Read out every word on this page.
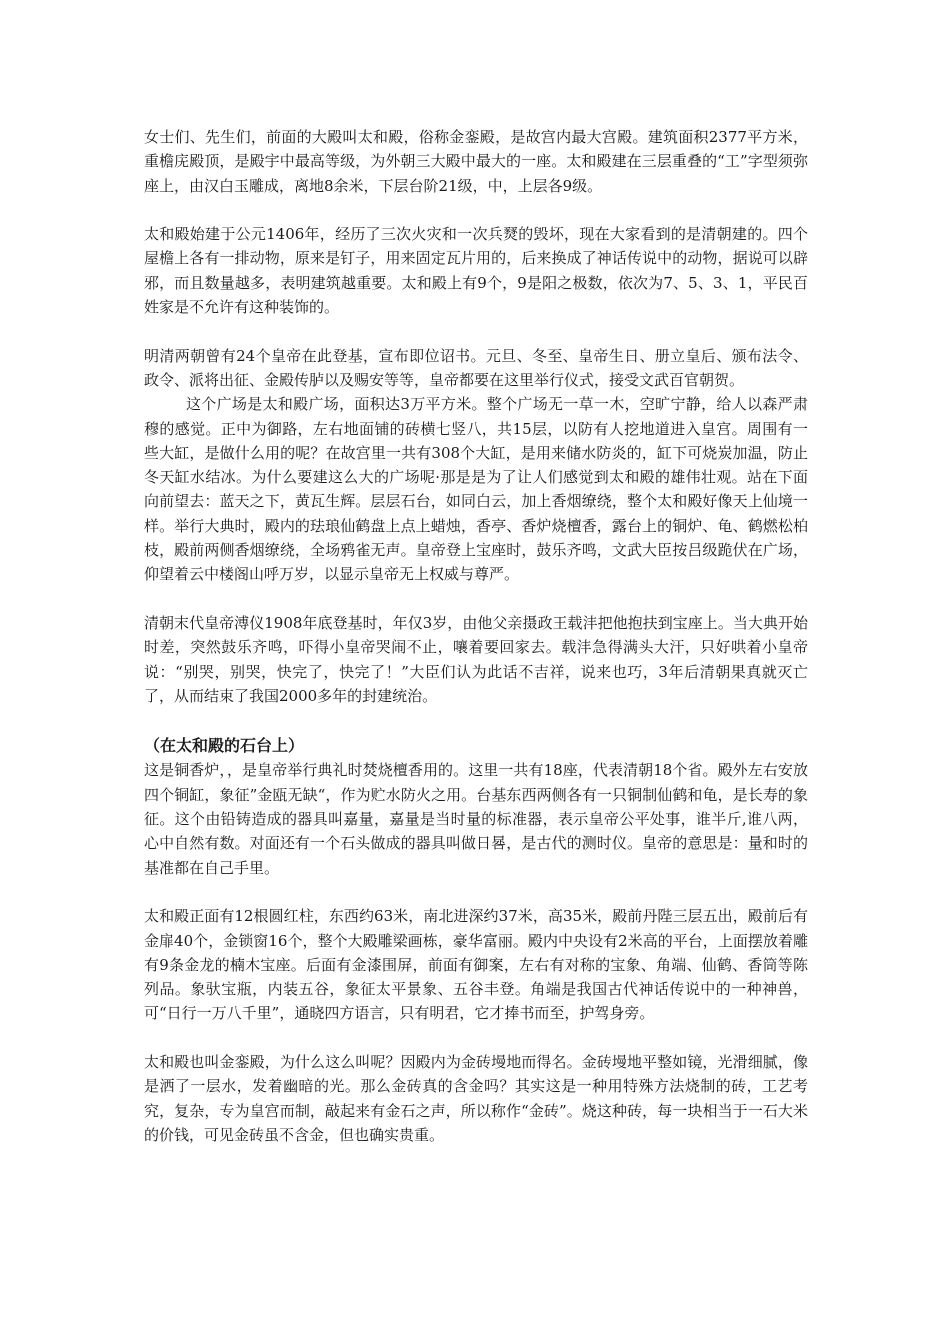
女士们、先生们，前面的大殿叫太和殿，俗称金銮殿，是故宫内最大宫殿。建筑面积2377平方米，重檐庑殿顶，是殿宇中最高等级，为外朝三大殿中最大的一座。太和殿建在三层重叠的“工”字型须弥座上，由汉白玉雕成，离地8余米，下层台阶21级，中，上层各9级。

太和殿始建于公元1406年，经历了三次火灾和一次兵燹的毁坏，现在大家看到的是清朝建的。四个屋檐上各有一排动物，原来是钉子，用来固定瓦片用的，后来换成了神话传说中的动物，据说可以辟邪，而且数量越多，表明建筑越重要。太和殿上有9个，9是阳之极数，依次为7、5、3、1，平民百姓家是不允许有这种装饰的。

明清两朝曾有24个皇帝在此登基，宣布即位诏书。元旦、冬至、皇帝生日、册立皇后、颁布法令、政令、派将出征、金殿传胪以及赐安等等，皇帝都要在这里举行仪式，接受文武百官朝贺。

这个广场是太和殿广场，面积达3万平方米。整个广场无一草一木，空旷宁静，给人以森严肃穆的感觉。正中为御路，左右地面铺的砖横七竖八，共15层，以防有人挖地道进入皇宫。周围有一些大缸，是做什么用的呢？在故宫里一共有308个大缸，是用来储水防炎的，缸下可烧炭加温，防止冬天缸水结冰。为什么要建这么大的广场呢·那是是为了让人们感觉到太和殿的雄伟壮观。站在下面向前望去：蓝天之下，黄瓦生辉。层层石台，如同白云，加上香烟缭绕，整个太和殿好像天上仙境一样。举行大典时，殿内的珐琅仙鹤盘上点上蜡烛，香亭、香炉烧檀香，露台上的铜炉、龟、鹤燃松柏枝，殿前两侧香烟缭绕，全场鸦雀无声。皇帝登上宝座时，鼓乐齐鸣，文武大臣按吕级跪伏在广场，仰望着云中楼阁山呼万岁，以显示皇帝无上权威与尊严。

清朝末代皇帝溥仪1908年底登基时，年仅3岁，由他父亲摄政王载沣把他抱扶到宝座上。当大典开始时差，突然鼓乐齐鸣，吓得小皇帝哭闹不止，嚷着要回家去。载沣急得满头大汗，只好哄着小皇帝说：“别哭，别哭，快完了，快完了！”大臣们认为此话不吉祥，说来也巧，3年后清朝果真就灭亡了，从而结束了我国2000多年的封建统治。

（在太和殿的石台上）

这是铜香炉，，是皇帝举行典礼时焚烧檀香用的。这里一共有18座，代表清朝18个省。殿外左右安放四个铜缸，象征”金瓯无缺“，作为贮水防火之用。台基东西两侧各有一只铜制仙鹤和龟，是长寿的象征。这个由铅铸造成的器具叫嘉量，嘉量是当时量的标准器，表示皇帝公平处事，谁半斤,谁八两，心中自然有数。对面还有一个石头做成的器具叫做日晷，是古代的测时仪。皇帝的意思是：量和时的基准都在自己手里。

太和殿正面有12根圆红柱，东西约63米，南北进深约37米，高35米，殿前丹陛三层五出，殿前后有金扉40个，金锁窗16个，整个大殿雕梁画栋，豪华富丽。殿内中央设有2米高的平台，上面摆放着雕有9条金龙的楠木宝座。后面有金漆围屏，前面有御案，左右有对称的宝象、角端、仙鹤、香筒等陈列品。象驮宝瓶，内装五谷，象征太平景象、五谷丰登。角端是我国古代神话传说中的一种神兽，可“日行一万八千里”，通晓四方语言，只有明君，它才捧书而至，护驾身旁。

太和殿也叫金銮殿，为什么这么叫呢？因殿内为金砖墁地而得名。金砖墁地平整如镜，光滑细腻，像是洒了一层水，发着幽暗的光。那么金砖真的含金吗？其实这是一种用特殊方法烧制的砖，工艺考究，复杂，专为皇宫而制，敲起来有金石之声，所以称作“金砖”。烧这种砖，每一块相当于一石大米的价钱，可见金砖虽不含金，但也确实贵重。
